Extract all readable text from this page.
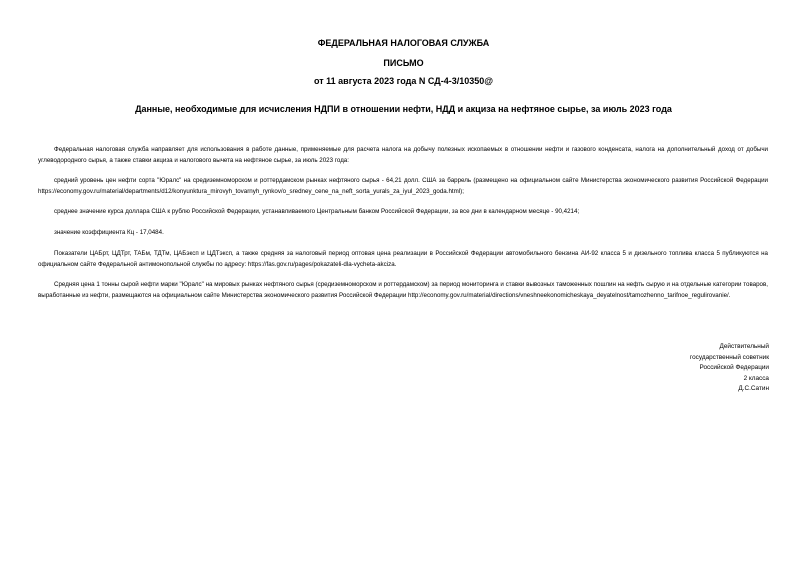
ФЕДЕРАЛЬНАЯ НАЛОГОВАЯ СЛУЖБА
ПИСЬМО
от 11 августа 2023 года N СД-4-3/10350@
Данные, необходимые для исчисления НДПИ в отношении нефти, НДД и акциза на нефтяное сырье, за июль 2023 года

Федеральная налоговая служба направляет для использования в работе данные, применяемые для расчета налога на добычу полезных ископаемых в отношении нефти и газового конденсата, налога на дополнительный доход от добычи углеводородного сырья, а также ставки акциза и налогового вычета на нефтяное сырье, за июль 2023 года:

средний уровень цен нефти сорта "Юралс" на средиземноморском и роттердамском рынках нефтяного сырья - 64,21 долл. США за баррель (размещено на официальном сайте Министерства экономического развития Российской Федерации https://economy.gov.ru/material/departments/d12/konyunktura_mirovyh_tovarnyh_rynkov/o_sredney_cene_na_neft_sorta_yurals_za_iyul_2023_goda.html);

среднее значение курса доллара США к рублю Российской Федерации, устанавливаемого Центральным банком Российской Федерации, за все дни в календарном месяце - 90,4214;

значение коэффициента Кц - 17,0484.

Показатели ЦАБрт, ЦДТрт, ТАБм, ТДТм, ЦАБэксп и ЦДТэксп, а также средняя за налоговый период оптовая цена реализации в Российской Федерации автомобильного бензина АИ-92 класса 5 и дизельного топлива класса 5 публикуются на официальном сайте Федеральной антимонопольной службы по адресу: https://fas.gov.ru/pages/pokazateli-dla-vycheta-akciza.

Средняя цена 1 тонны сырой нефти марки "Юралс" на мировых рынках нефтяного сырья (средиземноморском и роттердамском) за период мониторинга и ставки вывозных таможенных пошлин на нефть сырую и на отдельные категории товаров, выработанные из нефти, размещаются на официальном сайте Министерства экономического развития Российской Федерации http://economy.gov.ru/material/directions/vneshneekonomicheskaya_deyatelnost/tamozhenno_tarifnoe_regulirovanie/.

Действительный
государственный советник
Российской Федерации
2 класса
Д.С.Сатин
